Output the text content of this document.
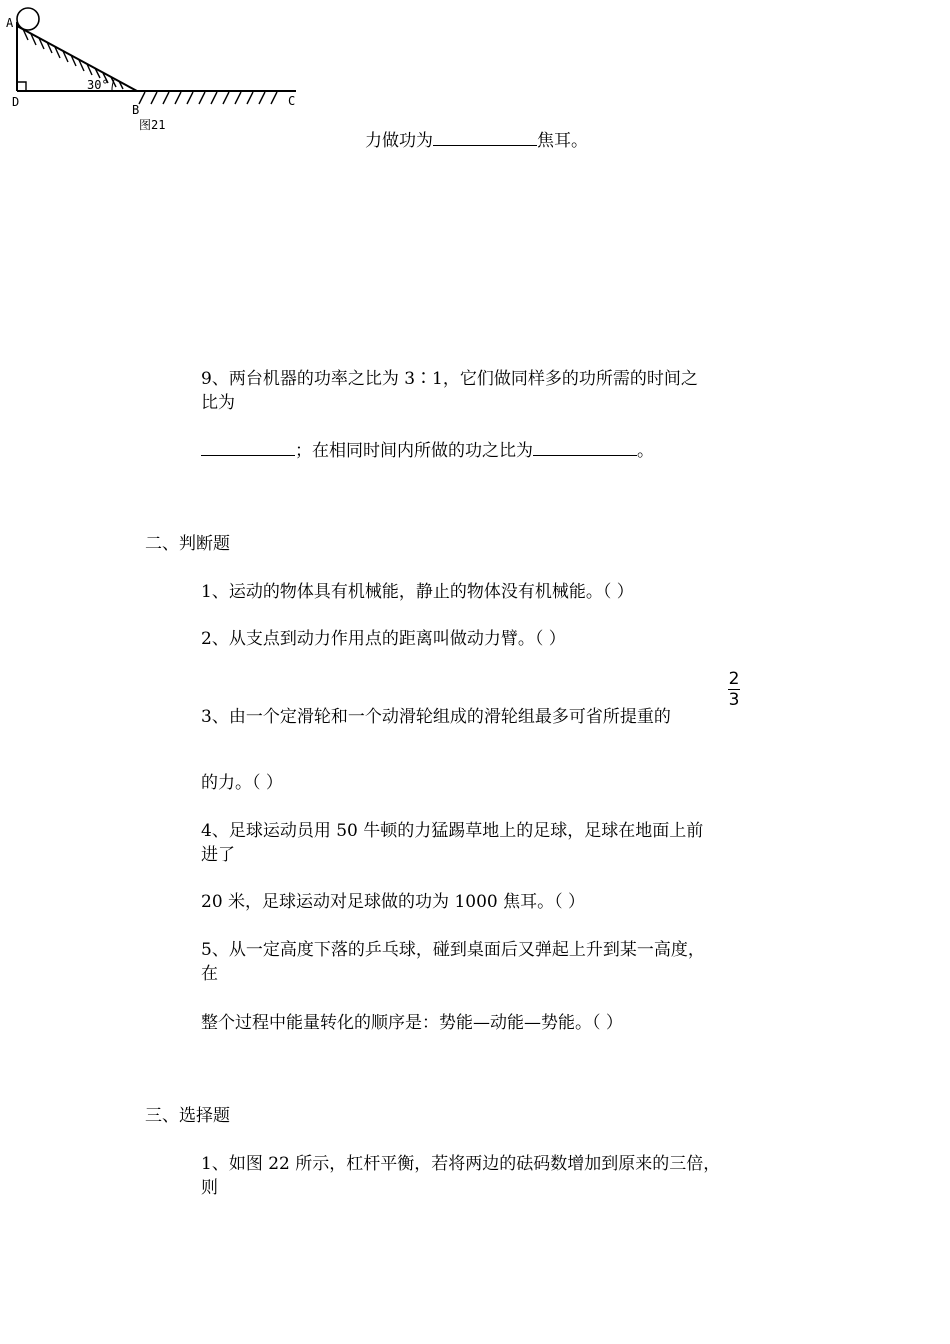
A
D
B
C
30°
图21
力做功为	焦耳。
9、两台机器的功率之比为 3∶1，它们做同样多的功所需的时间之
比为
；在相同时间内所做的功之比为	。
二、判断题
1、运动的物体具有机械能，静止的物体没有机械能。（ ）
2、从支点到动力作用点的距离叫做动力臂。（ ）
3、由一个定滑轮和一个动滑轮组成的滑轮组最多可省所提重的
2
3
的力。（ ）
4、足球运动员用 50 牛顿的力猛踢草地上的足球，足球在地面上前
进了
20 米，足球运动对足球做的功为 1000 焦耳。（ ）
5、从一定高度下落的乒乓球，碰到桌面后又弹起上升到某一高度，
在
整个过程中能量转化的顺序是：势能—动能—势能。（ ）
三、选择题
1、如图 22 所示，杠杆平衡，若将两边的砝码数增加到原来的三倍，
则
